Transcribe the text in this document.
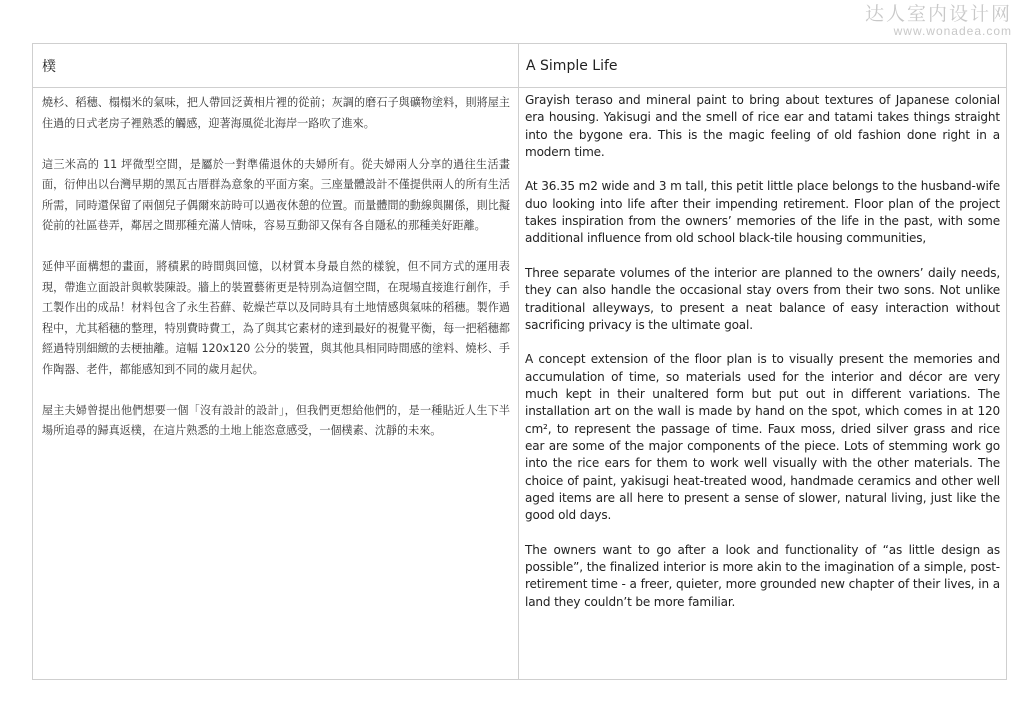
达人室内设计网
www.wonadea.com
樸	A Simple Life

燒杉、稻穗、榻榻米的氣味，把人帶回泛黃相片裡的從前；灰調的磨石子與礦物塗料，則將屋主住過的日式老房子裡熟悉的觸感，迎著海風從北海岸一路吹了進來。

這三米高的 11 坪微型空間，是屬於一對準備退休的夫婦所有。從夫婦兩人分享的過往生活畫面，衍伸出以台灣早期的黑瓦古厝群為意象的平面方案。三座量體設計不僅提供兩人的所有生活所需，同時還保留了兩個兒子偶爾來訪時可以過夜休憩的位置。而量體間的動線與關係，則比擬從前的社區巷弄，鄰居之間那種充滿人情味，容易互動卻又保有各自隱私的那種美好距離。

延伸平面構想的畫面，將積累的時間與回憶，以材質本身最自然的樣貌，但不同方式的運用表現，帶進立面設計與軟裝陳設。牆上的裝置藝術更是特別為這個空間，在現場直接進行創作，手工製作出的成品！材料包含了永生苔蘚、乾燥芒草以及同時具有土地情感與氣味的稻穗。製作過程中，尤其稻穗的整理，特別費時費工，為了與其它素材的達到最好的視覺平衡，每一把稻穗都經過特別細緻的去梗抽離。這幅 120x120 公分的裝置，與其他具相同時間感的塗料、燒杉、手作陶器、老件，都能感知到不同的歲月起伏。

屋主夫婦曾提出他們想要一個「沒有設計的設計」，但我們更想給他們的，是一種貼近人生下半場所追尋的歸真返樸，在這片熟悉的土地上能恣意感受，一個樸素、沈靜的未來。

Grayish teraso and mineral paint to bring about textures of Japanese colonial era housing. Yakisugi and the smell of rice ear and tatami takes things straight into the bygone era. This is the magic feeling of old fashion done right in a modern time.

At 36.35 m2 wide and 3 m tall, this petit little place belongs to the husband-wife duo looking into life after their impending retirement. Floor plan of the project takes inspiration from the owners’ memories of the life in the past, with some additional influence from old school black-tile housing communities,

Three separate volumes of the interior are planned to the owners’ daily needs, they can also handle the occasional stay overs from their two sons. Not unlike traditional alleyways, to present a neat balance of easy interaction without sacrificing privacy is the ultimate goal.

A concept extension of the floor plan is to visually present the memories and accumulation of time, so materials used for the interior and décor are very much kept in their unaltered form but put out in different variations. The installation art on the wall is made by hand on the spot, which comes in at 120 cm², to represent the passage of time. Faux moss, dried silver grass and rice ear are some of the major components of the piece. Lots of stemming work go into the rice ears for them to work well visually with the other materials. The choice of paint, yakisugi heat-treated wood, handmade ceramics and other well aged items are all here to present a sense of slower, natural living, just like the good old days.

The owners want to go after a look and functionality of “as little design as possible”, the finalized interior is more akin to the imagination of a simple, post-retirement time - a freer, quieter, more grounded new chapter of their lives, in a land they couldn’t be more familiar.
